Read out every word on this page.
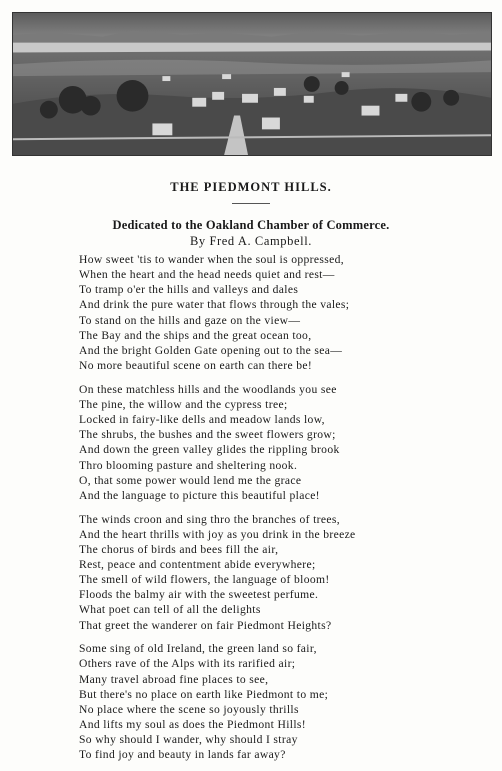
THE PIEDMONT HILLS.
Dedicated to the Oakland Chamber of Commerce.
By Fred A. Campbell.
How sweet 'tis to wander when the soul is oppressed,
When the heart and the head needs quiet and rest—
To tramp o'er the hills and valleys and dales
And drink the pure water that flows through the vales;
To stand on the hills and gaze on the view—
The Bay and the ships and the great ocean too,
And the bright Golden Gate opening out to the sea—
No more beautiful scene on earth can there be!
On these matchless hills and the woodlands you see
The pine, the willow and the cypress tree;
Locked in fairy-like dells and meadow lands low,
The shrubs, the bushes and the sweet flowers grow;
And down the green valley glides the rippling brook
Thro blooming pasture and sheltering nook.
O, that some power would lend me the grace
And the language to picture this beautiful place!
The winds croon and sing thro the branches of trees,
And the heart thrills with joy as you drink in the breeze
The chorus of birds and bees fill the air,
Rest, peace and contentment abide everywhere;
The smell of wild flowers, the language of bloom!
Floods the balmy air with the sweetest perfume.
What poet can tell of all the delights
That greet the wanderer on fair Piedmont Heights?
Some sing of old Ireland, the green land so fair,
Others rave of the Alps with its rarified air;
Many travel abroad fine places to see,
But there's no place on earth like Piedmont to me;
No place where the scene so joyously thrills
And lifts my soul as does the Piedmont Hills!
So why should I wander, why should I stray
To find joy and beauty in lands far away?
